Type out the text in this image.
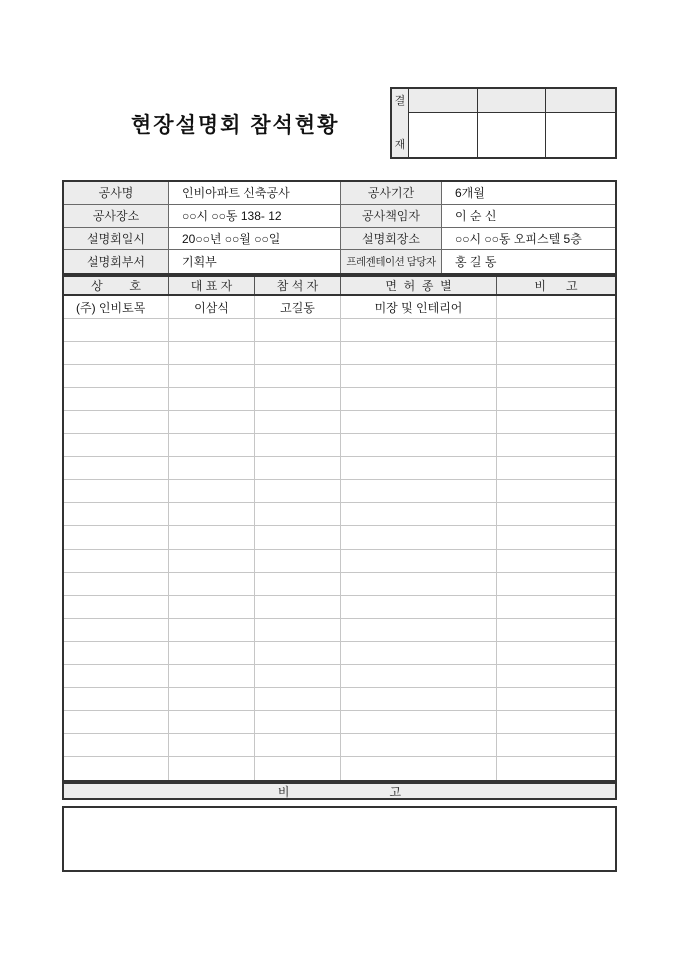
현장설명회 참석현황
결
재
공사명	인비아파트 신축공사	공사기간	6개월
공사장소	○○시 ○○동 138- 12	공사책임자	이 순 신
설명회일시	20○○년 ○○월 ○○일	설명회장소	○○시 ○○동 오피스텔 5층
설명회부서	기획부	프레젠테이션 담당자	홍 길 동
상        호	대 표 자	참 석 자	면  허  종  별	비      고
(주) 인비토목	이삼식	고길동	미장 및 인테리어
비                              고
